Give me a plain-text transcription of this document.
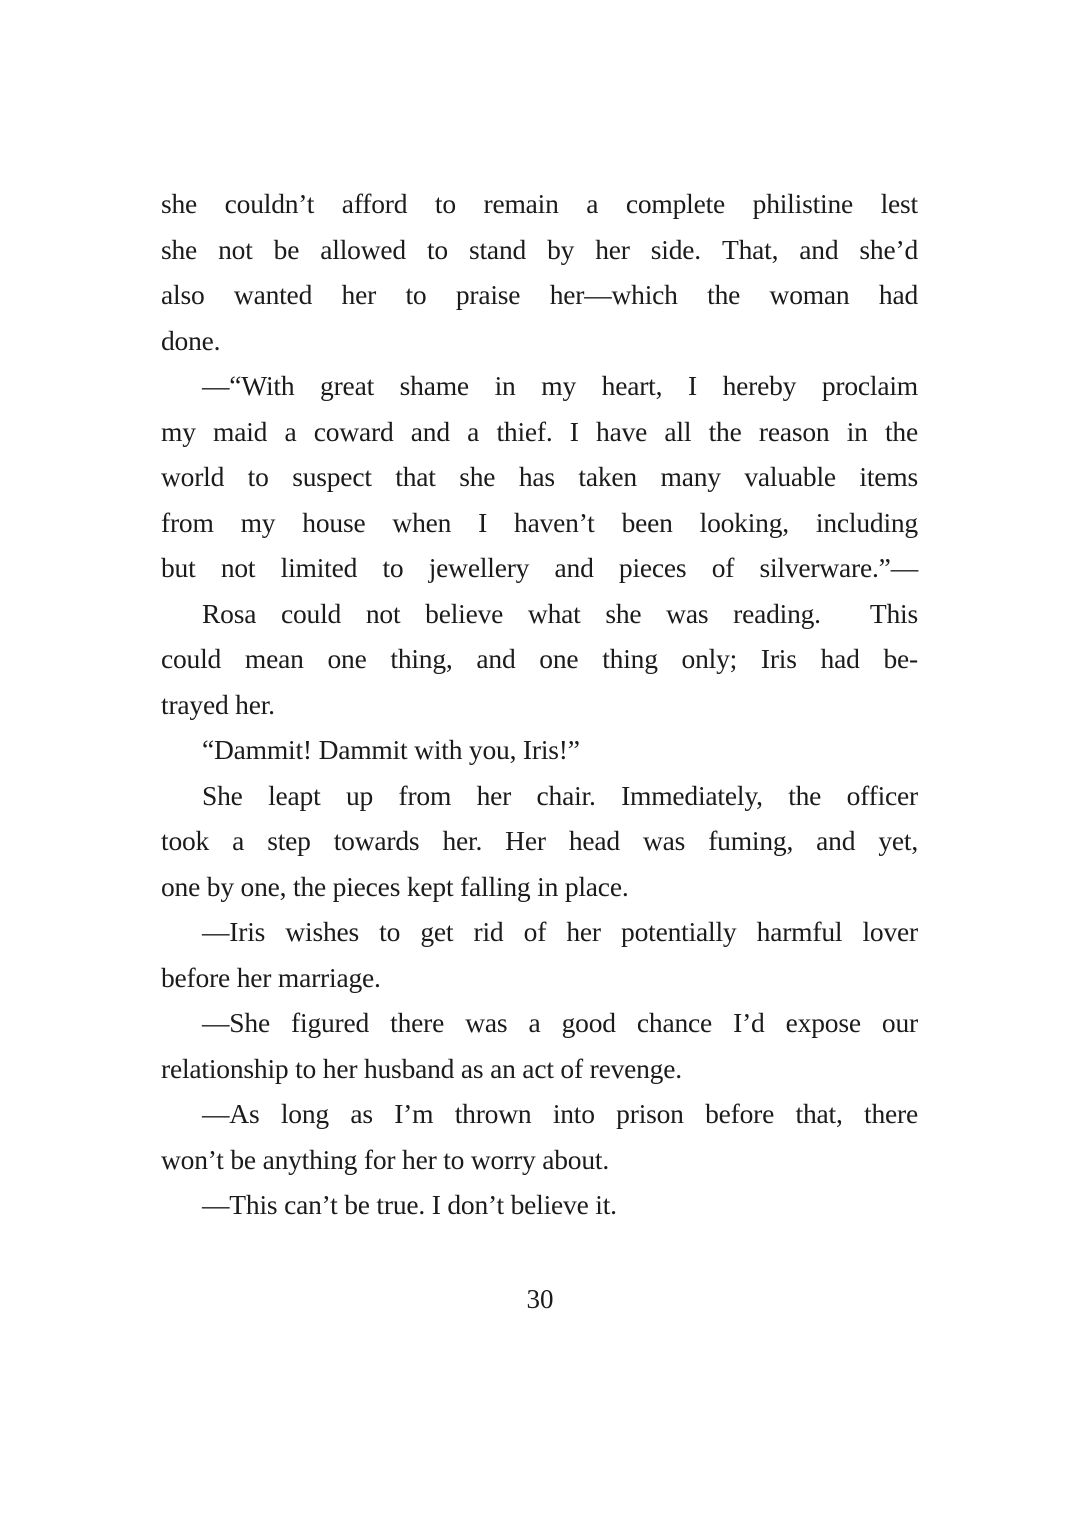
she couldn’t afford to remain a complete philistine lest
she not be allowed to stand by her side. That, and she’d
also wanted her to praise her—which the woman had
done.
—“With great shame in my heart, I hereby proclaim
my maid a coward and a thief. I have all the reason in the
world to suspect that she has taken many valuable items
from my house when I haven’t been looking, including
but not limited to jewellery and pieces of silverware.”—
Rosa could not believe what she was reading.  This
could mean one thing, and one thing only; Iris had be-
trayed her.
“Dammit! Dammit with you, Iris!”
She leapt up from her chair. Immediately, the officer
took a step towards her. Her head was fuming, and yet,
one by one, the pieces kept falling in place.
—Iris wishes to get rid of her potentially harmful lover
before her marriage.
—She figured there was a good chance I’d expose our
relationship to her husband as an act of revenge.
—As long as I’m thrown into prison before that, there
won’t be anything for her to worry about.
—This can’t be true. I don’t believe it.
30
